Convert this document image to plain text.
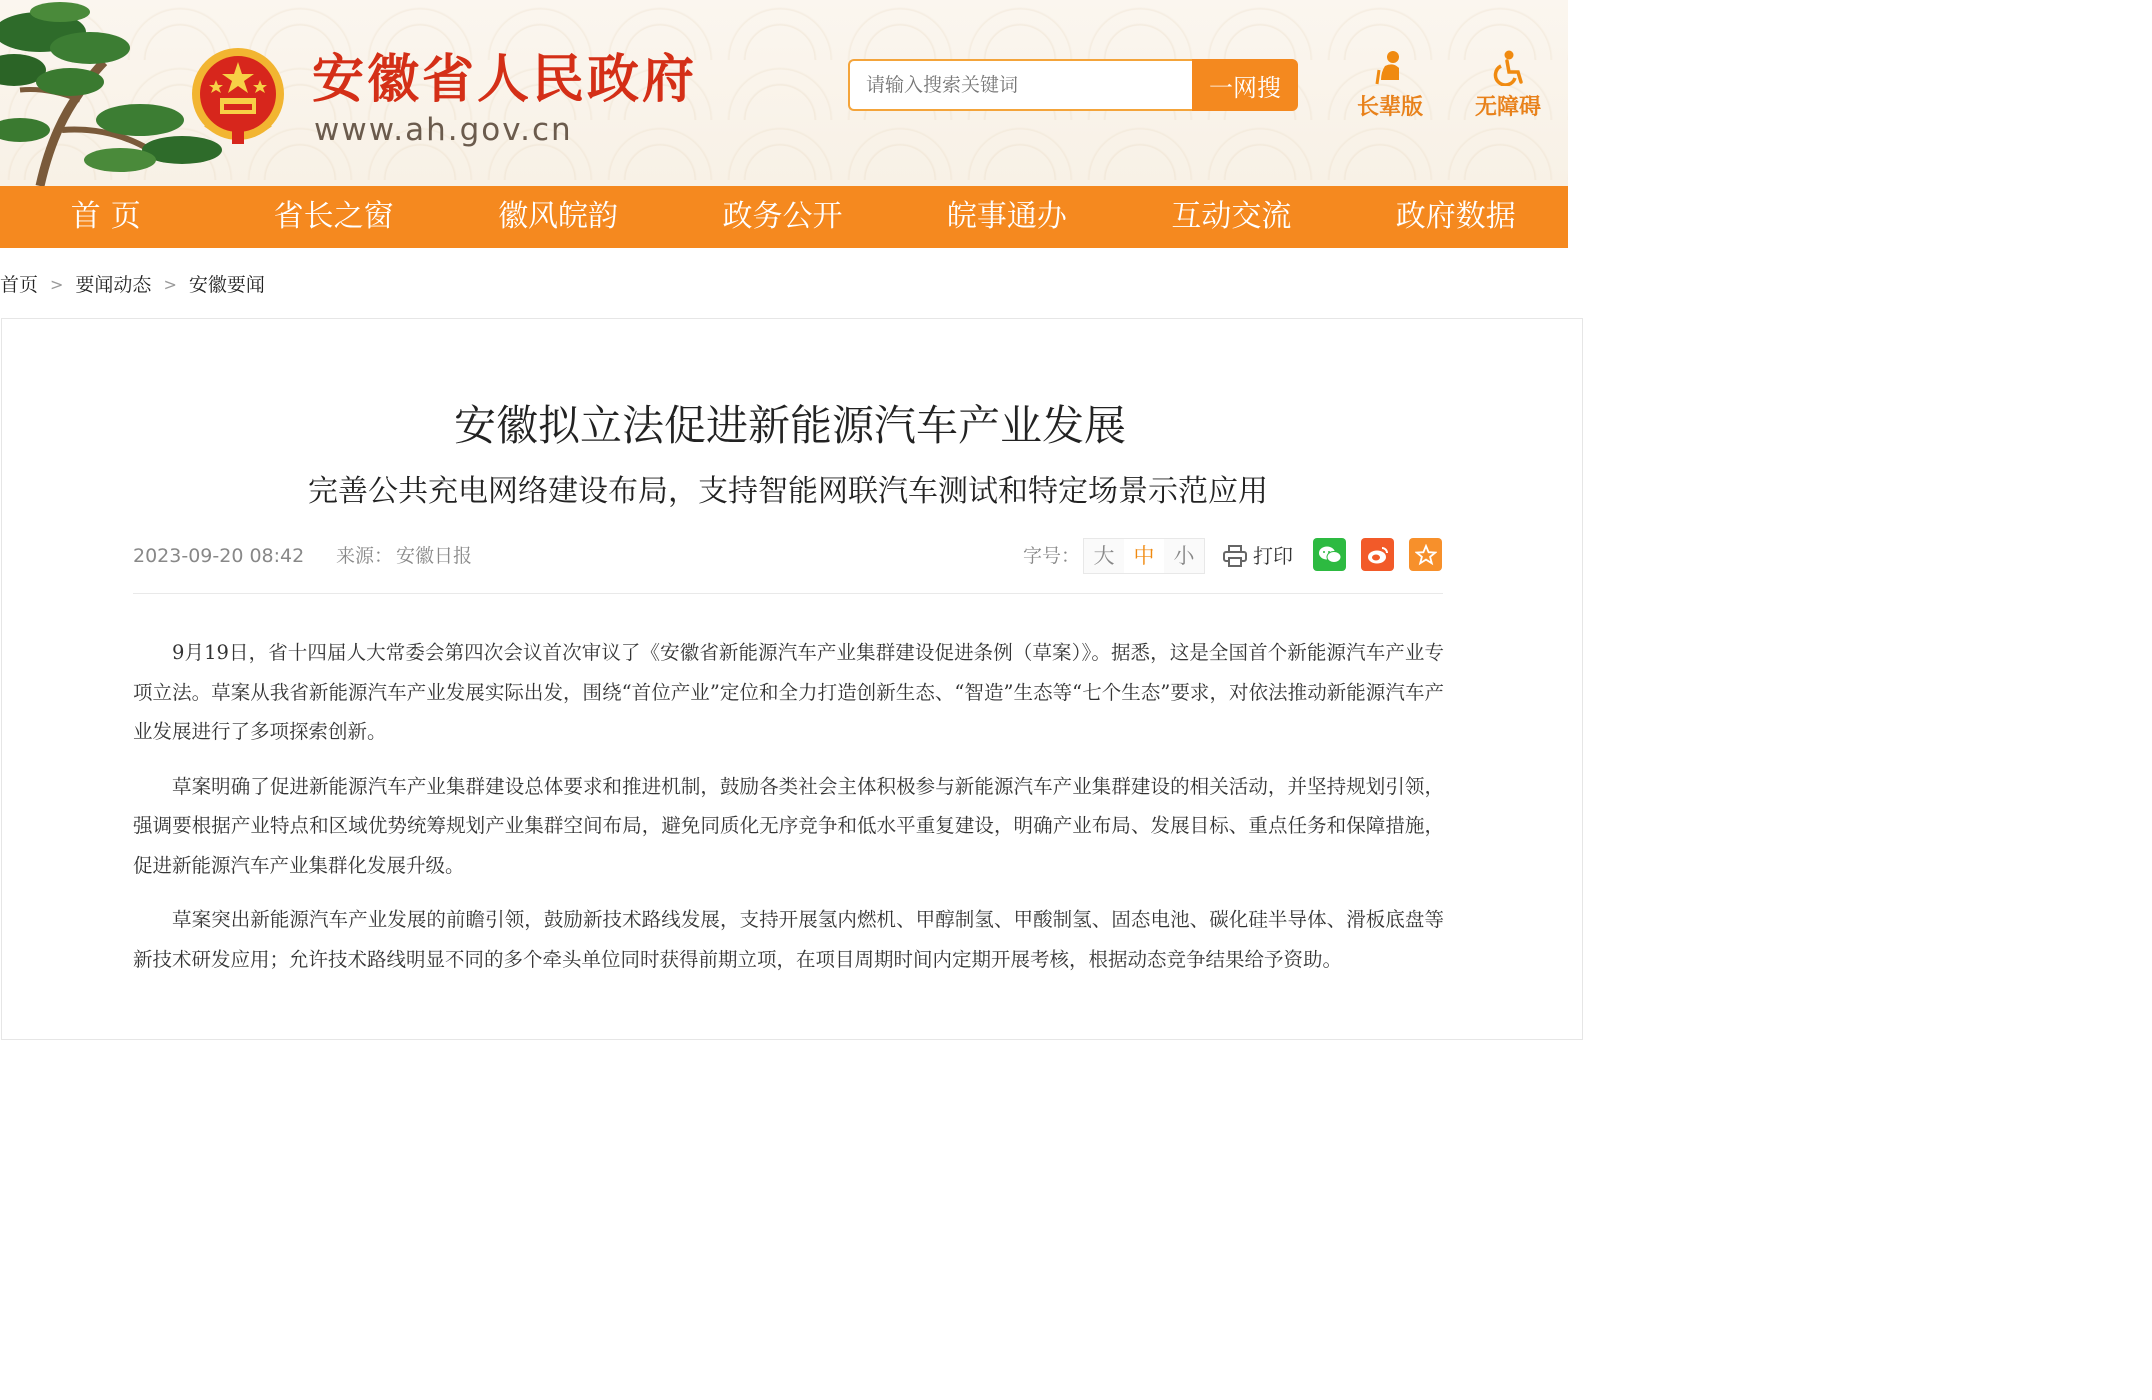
安徽省人民政府
www.ah.gov.cn
请输入搜索关键词
一网搜
长辈版	无障碍
首页	省长之窗	徽风皖韵	政务公开	皖事通办	互动交流	政府数据
首页 > 要闻动态 > 安徽要闻
安徽拟立法促进新能源汽车产业发展
完善公共充电网络建设布局，支持智能网联汽车测试和特定场景示范应用
2023-09-20 08:42 来源： 安徽日报	字号： 大 中 小	打印

9月19日，省十四届人大常委会第四次会议首次审议了《安徽省新能源汽车产业集群建设促进条例（草案）》。据悉，这是全国首个新能源汽车产业专项立法。草案从我省新能源汽车产业发展实际出发，围绕“首位产业”定位和全力打造创新生态、“智造”生态等“七个生态”要求，对依法推动新能源汽车产业发展进行了多项探索创新。

草案明确了促进新能源汽车产业集群建设总体要求和推进机制，鼓励各类社会主体积极参与新能源汽车产业集群建设的相关活动，并坚持规划引领，强调要根据产业特点和区域优势统筹规划产业集群空间布局，避免同质化无序竞争和低水平重复建设，明确产业布局、发展目标、重点任务和保障措施，促进新能源汽车产业集群化发展升级。

草案突出新能源汽车产业发展的前瞻引领，鼓励新技术路线发展，支持开展氢内燃机、甲醇制氢、甲酸制氢、固态电池、碳化硅半导体、滑板底盘等新技术研发应用；允许技术路线明显不同的多个牵头单位同时获得前期立项，在项目周期时间内定期开展考核，根据动态竞争结果给予资助。
